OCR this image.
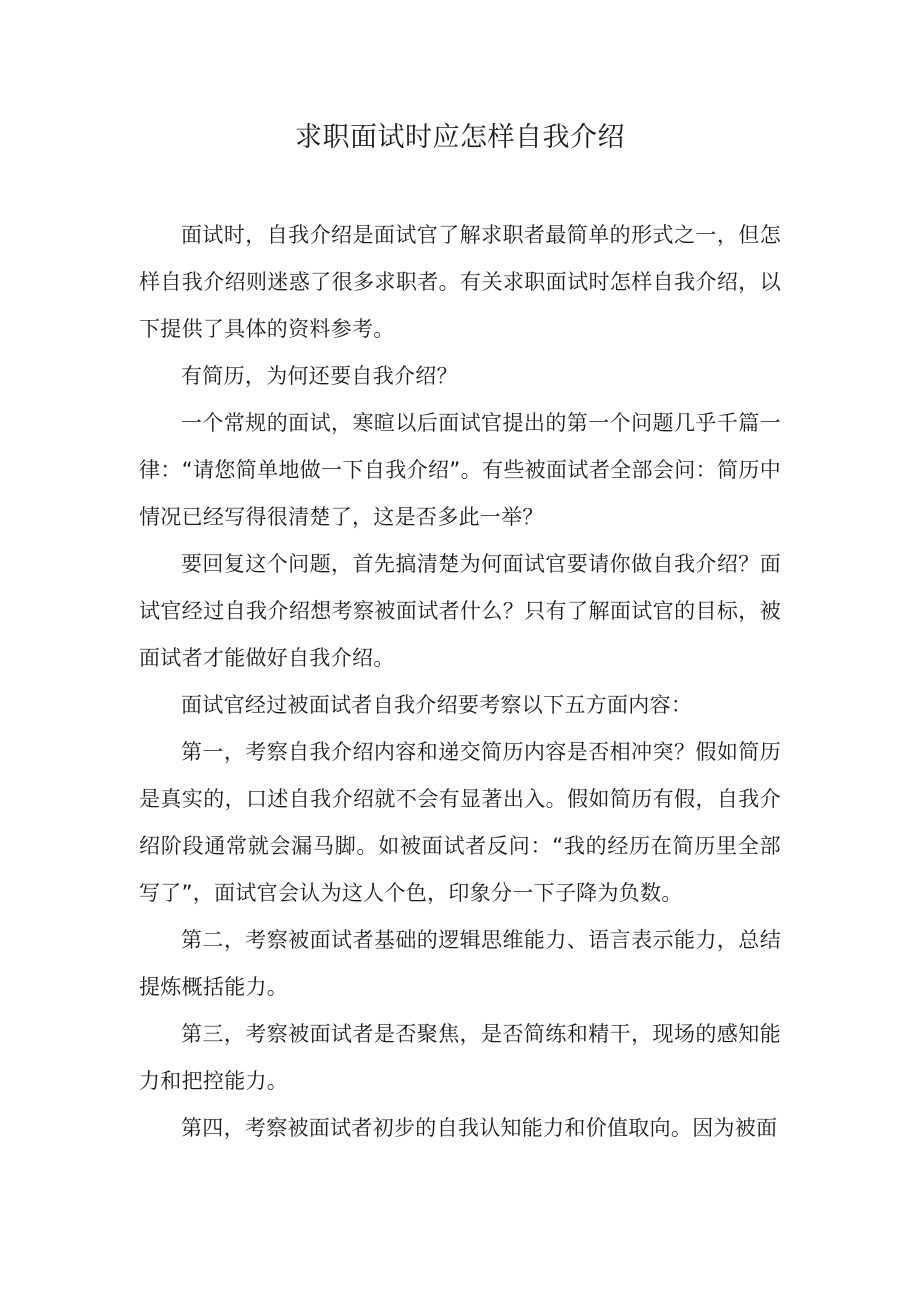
求职面试时应怎样自我介绍

面试时，自我介绍是面试官了解求职者最简单的形式之一，但怎样自我介绍则迷惑了很多求职者。有关求职面试时怎样自我介绍，以下提供了具体的资料参考。

有简历，为何还要自我介绍？

一个常规的面试，寒暄以后面试官提出的第一个问题几乎千篇一律：“请您简单地做一下自我介绍”。有些被面试者全部会问：简历中情况已经写得很清楚了，这是否多此一举？

要回复这个问题，首先搞清楚为何面试官要请你做自我介绍？面试官经过自我介绍想考察被面试者什么？只有了解面试官的目标，被面试者才能做好自我介绍。

面试官经过被面试者自我介绍要考察以下五方面内容：

第一，考察自我介绍内容和递交简历内容是否相冲突？假如简历是真实的，口述自我介绍就不会有显著出入。假如简历有假，自我介绍阶段通常就会漏马脚。如被面试者反问：“我的经历在简历里全部写了”，面试官会认为这人个色，印象分一下子降为负数。

第二，考察被面试者基础的逻辑思维能力、语言表示能力，总结提炼概括能力。

第三，考察被面试者是否聚焦，是否简练和精干，现场的感知能力和把控能力。

第四，考察被面试者初步的自我认知能力和价值取向。因为被面
